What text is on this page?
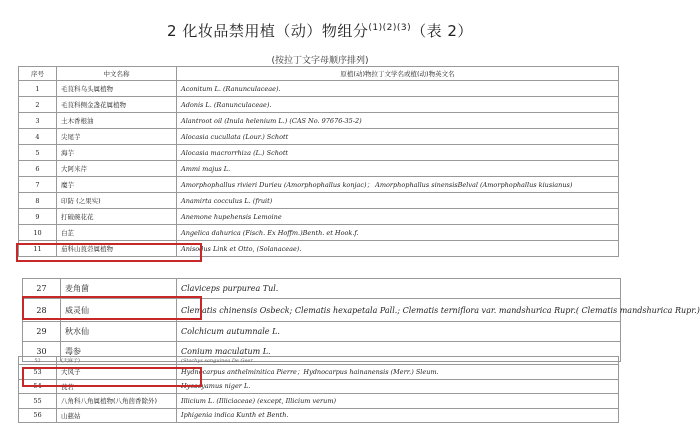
2 化妆品禁用植（动）物组分$^{(1)(2)(3)}$（表 2）
(按拉丁文字母顺序排列)
序号	中文名称	原植(动)物拉丁文学名或植(动)物英文名
1	毛茛科乌头属植物	Aconitum L. (Ranunculaceae).
2	毛茛科侧金盏花属植物	Adonis L. (Ranunculaceae).
3	土木香根油	Alantroot oil (Inula helenium L.) (CAS No. 97676-35-2)
4	尖尾芋	Alocasia cucullata (Lour.) Schott
5	海芋	Alocasia macrorrhiza (L.) Schott
6	大阿米芹	Ammi majus L.
7	魔芋	Amorphophallus rivieri Durieu (Amorphophallus konjac)； Amorphophallus sinensisBelval (Amorphophallus kiusianus)
8	印防 (之果实)	Anamirta cocculus L. (fruit)
9	打破碗花花	Anemone hupehensis Lemoine
10	白芷	Angelica dahurica (Fisch. Ex Hoffm.)Benth. et Hook.f.
11	茄科山莨菪属植物	Anisodus Link et Otto, (Solanaceae).
27	麦角菌	Claviceps purpurea Tul.
28	威灵仙	Clematis chinensis Osbeck; Clematis hexapetala Pall.; Clematis terniflora var. mandshurica Rupr.( Clematis mandshurica Rupr.)
29	秋水仙	Colchicum autumnale L.
30	毒参	Conium maculatum L.
52	(天麻子)	(Stachys sanguinea De Geer.
53	大风子	Hydnocarpus anthelminitica Pierre；Hydnocarpus hainanensis (Merr.) Sleum.
54	莨菪	Hyoscyamus niger L.
55	八角科八角属植物(八角茴香除外)	Illicium L. (Illiciaceae) (except, Illicium verum)
56	山慈姑	Iphigenia indica Kunth et Benth.
